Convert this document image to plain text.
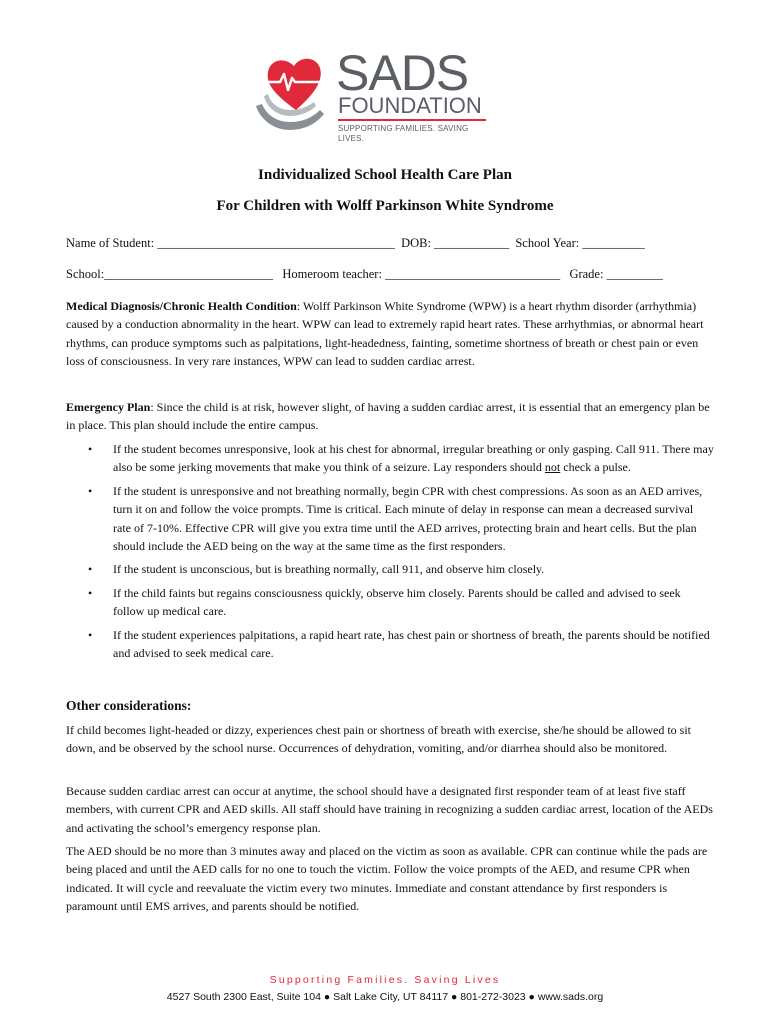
SADS
FOUNDATION
SUPPORTING FAMILIES. SAVING LIVES.
Individualized School Health Care Plan
For Children with Wolff Parkinson White Syndrome
Name of Student: ______________________________________  DOB: ____________  School Year: __________
School:___________________________   Homeroom teacher: ____________________________   Grade: _________
Medical Diagnosis/Chronic Health Condition: Wolff Parkinson White Syndrome (WPW) is a heart rhythm disorder (arrhythmia) caused by a conduction abnormality in the heart. WPW can lead to extremely rapid heart rates. These arrhythmias, or abnormal heart rhythms, can produce symptoms such as palpitations, light-headedness, fainting, sometime shortness of breath or chest pain or even loss of consciousness. In very rare instances, WPW can lead to sudden cardiac arrest.
Emergency Plan: Since the child is at risk, however slight, of having a sudden cardiac arrest, it is essential that an emergency plan be in place. This plan should include the entire campus.
• If the student becomes unresponsive, look at his chest for abnormal, irregular breathing or only gasping. Call 911. There may also be some jerking movements that make you think of a seizure. Lay responders should not check a pulse.
• If the student is unresponsive and not breathing normally, begin CPR with chest compressions. As soon as an AED arrives, turn it on and follow the voice prompts. Time is critical. Each minute of delay in response can mean a decreased survival rate of 7-10%. Effective CPR will give you extra time until the AED arrives, protecting brain and heart cells. But the plan should include the AED being on the way at the same time as the first responders.
• If the student is unconscious, but is breathing normally, call 911, and observe him closely.
• If the child faints but regains consciousness quickly, observe him closely. Parents should be called and advised to seek follow up medical care.
• If the student experiences palpitations, a rapid heart rate, has chest pain or shortness of breath, the parents should be notified and advised to seek medical care.
Other considerations:
If child becomes light-headed or dizzy, experiences chest pain or shortness of breath with exercise, she/he should be allowed to sit down, and be observed by the school nurse. Occurrences of dehydration, vomiting, and/or diarrhea should also be monitored.
Because sudden cardiac arrest can occur at anytime, the school should have a designated first responder team of at least five staff members, with current CPR and AED skills. All staff should have training in recognizing a sudden cardiac arrest, location of the AEDs and activating the school’s emergency response plan.
The AED should be no more than 3 minutes away and placed on the victim as soon as available. CPR can continue while the pads are being placed and until the AED calls for no one to touch the victim. Follow the voice prompts of the AED, and resume CPR when indicated. It will cycle and reevaluate the victim every two minutes. Immediate and constant attendance by first responders is paramount until EMS arrives, and parents should be notified.
Supporting Families. Saving Lives
4527 South 2300 East, Suite 104 ● Salt Lake City, UT 84117 ● 801-272-3023 ● www.sads.org
